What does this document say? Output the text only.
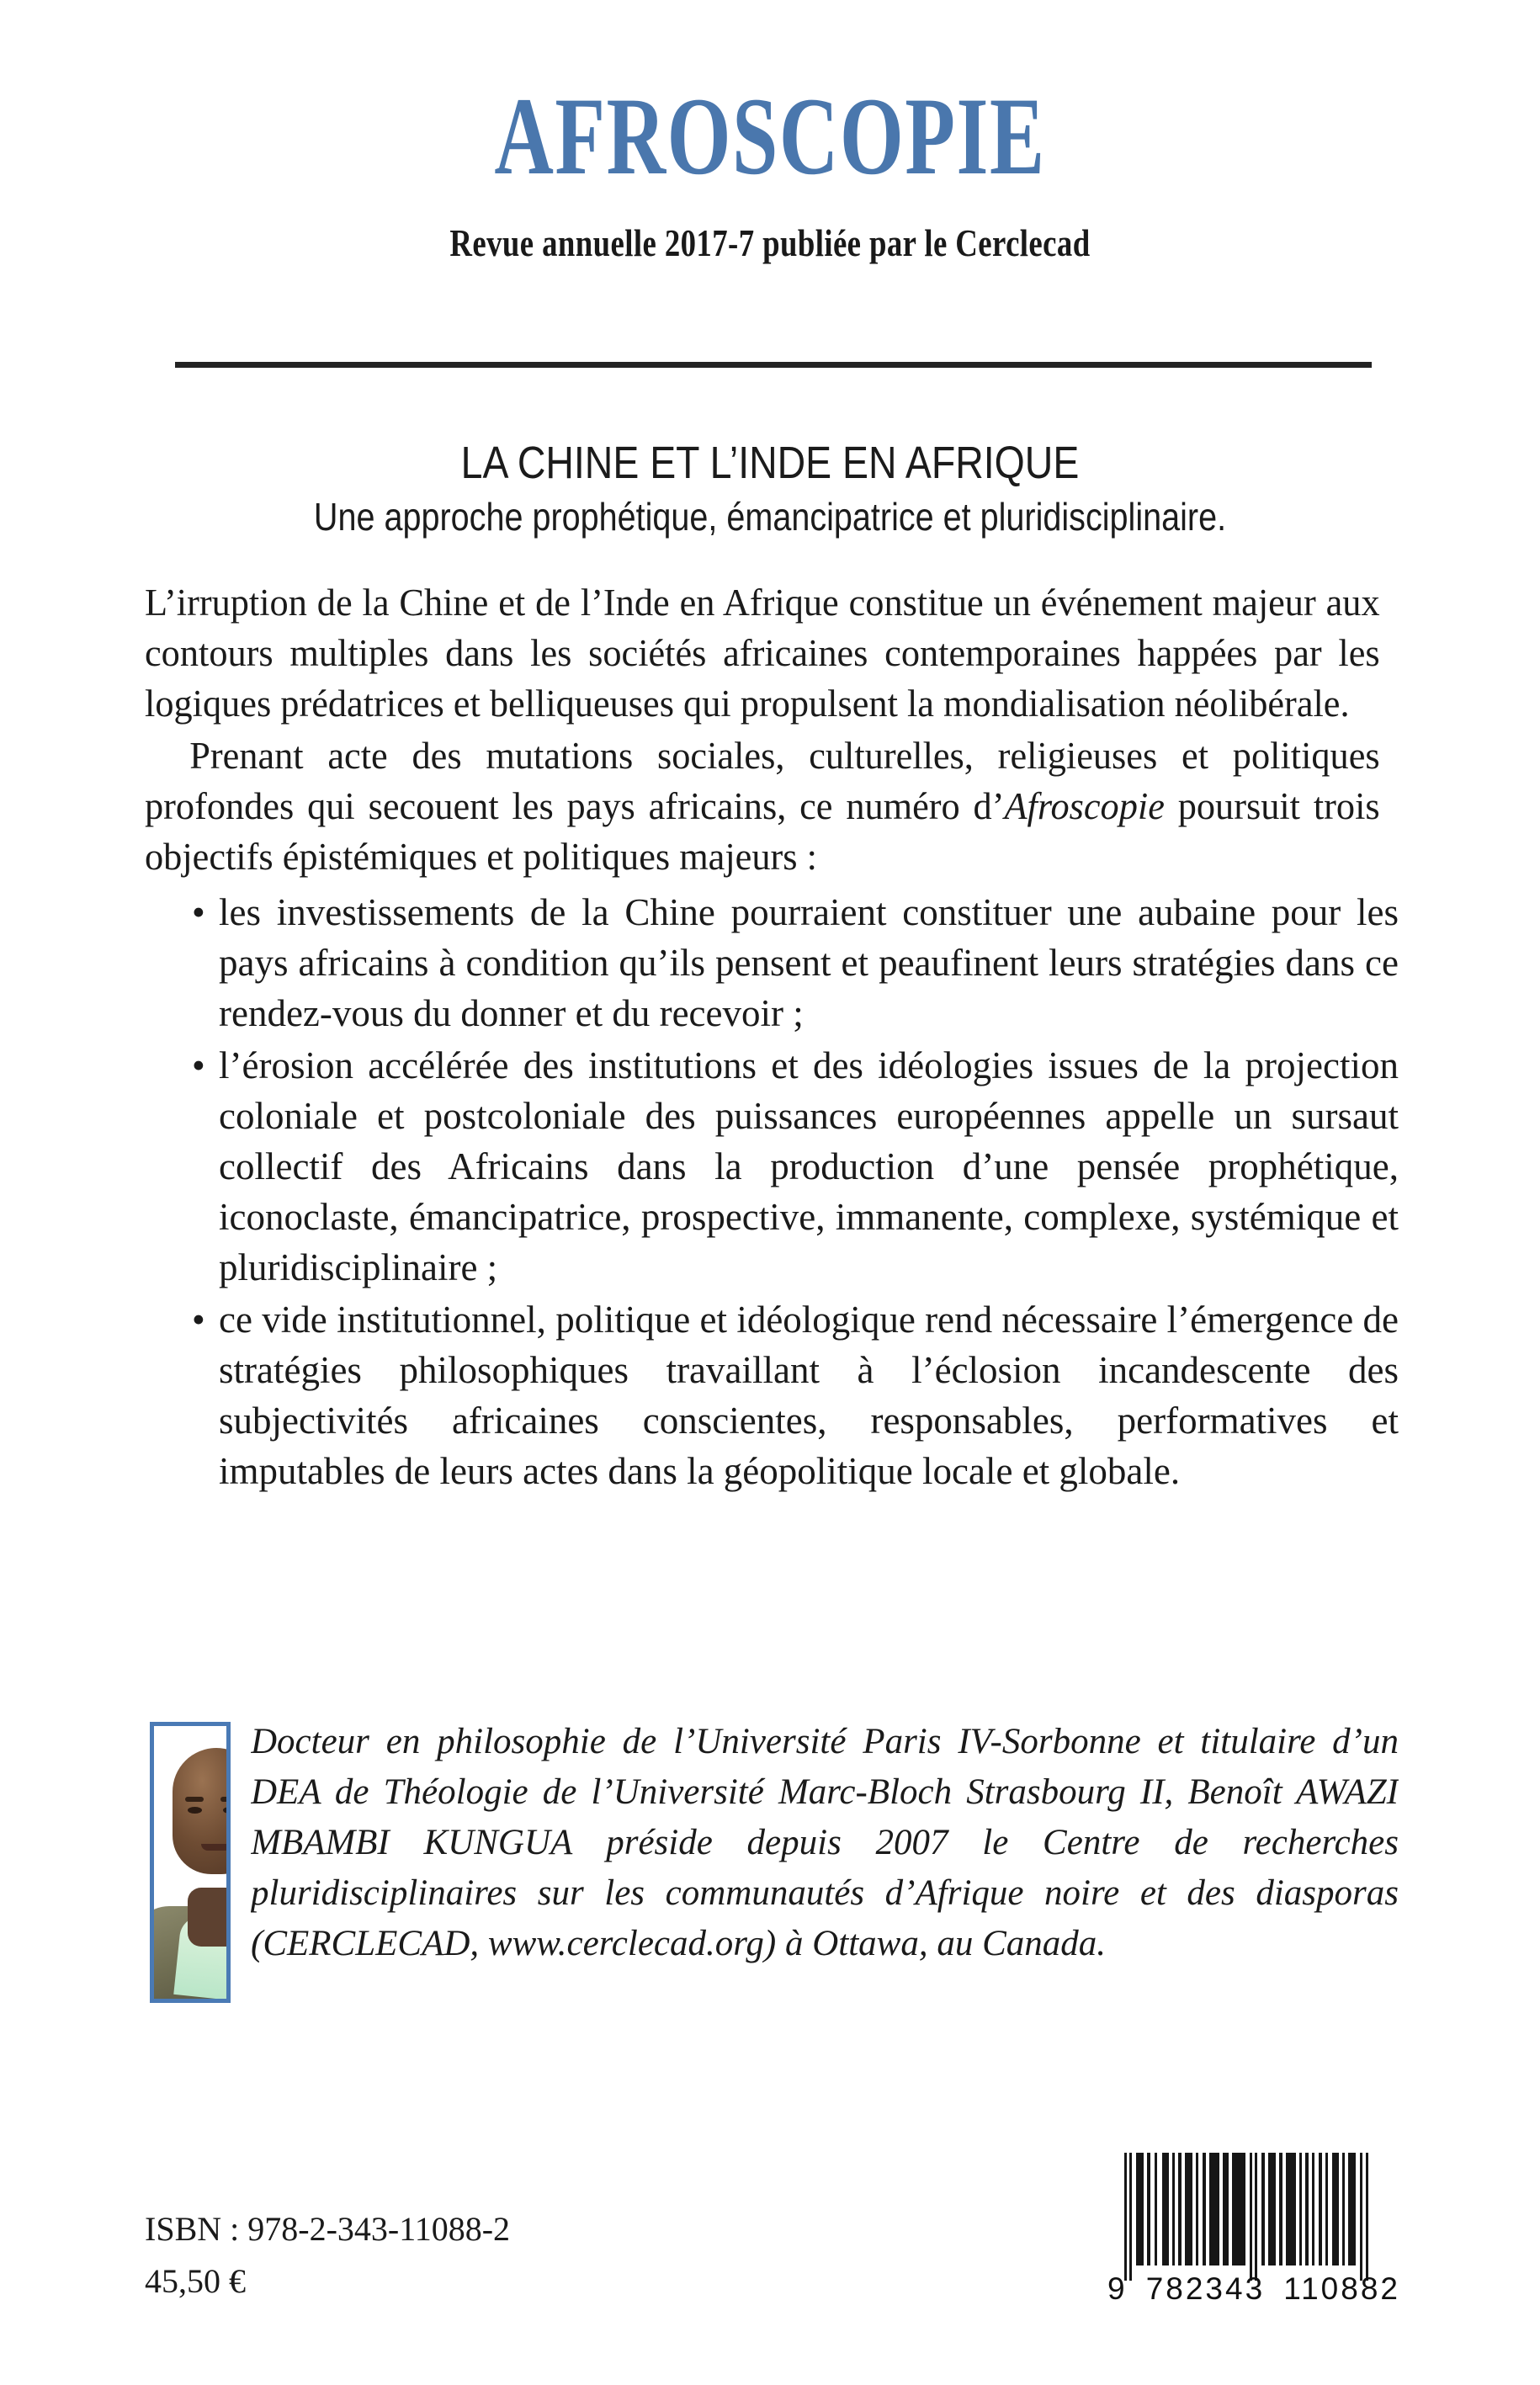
AFROSCOPIE
Revue annuelle 2017-7 publiée par le Cerclecad
LA CHINE ET L’INDE EN AFRIQUE
Une approche prophétique, émancipatrice et pluridisciplinaire.

L’irruption de la Chine et de l’Inde en Afrique constitue un événement majeur aux contours multiples dans les sociétés africaines contemporaines happées par les logiques prédatrices et belliqueuses qui propulsent la mondialisation néolibérale.

Prenant acte des mutations sociales, culturelles, religieuses et politiques profondes qui secouent les pays africains, ce numéro d’Afroscopie poursuit trois objectifs épistémiques et politiques majeurs :

• les investissements de la Chine pourraient constituer une aubaine pour les pays africains à condition qu’ils pensent et peaufinent leurs stratégies dans ce rendez-vous du donner et du recevoir ;
• l’érosion accélérée des institutions et des idéologies issues de la projection coloniale et postcoloniale des puissances européennes appelle un sursaut collectif des Africains dans la production d’une pensée prophétique, iconoclaste, émancipatrice, prospective, immanente, complexe, systémique et pluridisciplinaire ;
• ce vide institutionnel, politique et idéologique rend nécessaire l’émergence de stratégies philosophiques travaillant à l’éclosion incandescente des subjectivités africaines conscientes, responsables, performatives et imputables de leurs actes dans la géopolitique locale et globale.

Docteur en philosophie de l’Université Paris IV-Sorbonne et titulaire d’un DEA de Théologie de l’Université Marc-Bloch Strasbourg II, Benoît AWAZI MBAMBI KUNGUA préside depuis 2007 le Centre de recherches pluridisciplinaires sur les communautés d’Afrique noire et des diasporas (CERCLECAD, www.cerclecad.org) à Ottawa, au Canada.

ISBN : 978-2-343-11088-2
45,50 €	9 782343 110882
